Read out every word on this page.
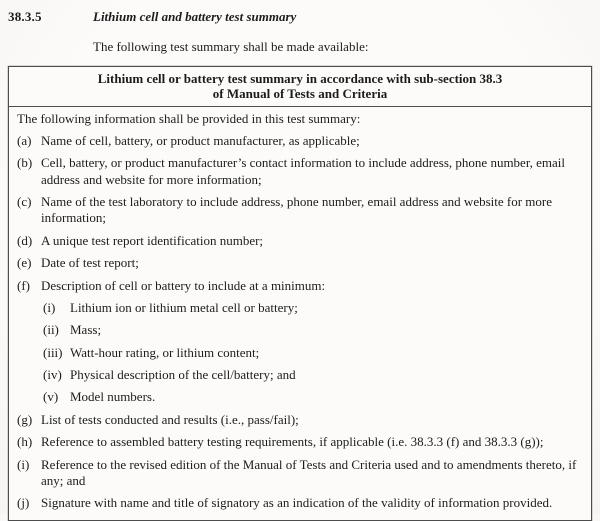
38.3.5	Lithium cell and battery test summary
The following test summary shall be made available:
Lithium cell or battery test summary in accordance with sub-section 38.3
of Manual of Tests and Criteria
The following information shall be provided in this test summary:
(a) Name of cell, battery, or product manufacturer, as applicable;
(b) Cell, battery, or product manufacturer’s contact information to include address, phone number, email address and website for more information;
(c) Name of the test laboratory to include address, phone number, email address and website for more information;
(d) A unique test report identification number;
(e) Date of test report;
(f) Description of cell or battery to include at a minimum:
(i)	Lithium ion or lithium metal cell or battery;
(ii) Mass;
(iii) Watt-hour rating, or lithium content;
(iv) Physical description of the cell/battery; and
(v) Model numbers.
(g) List of tests conducted and results (i.e., pass/fail);
(h) Reference to assembled battery testing requirements, if applicable (i.e. 38.3.3 (f) and 38.3.3 (g));
(i) Reference to the revised edition of the Manual of Tests and Criteria used and to amendments thereto, if any; and
(j) Signature with name and title of signatory as an indication of the validity of information provided.
